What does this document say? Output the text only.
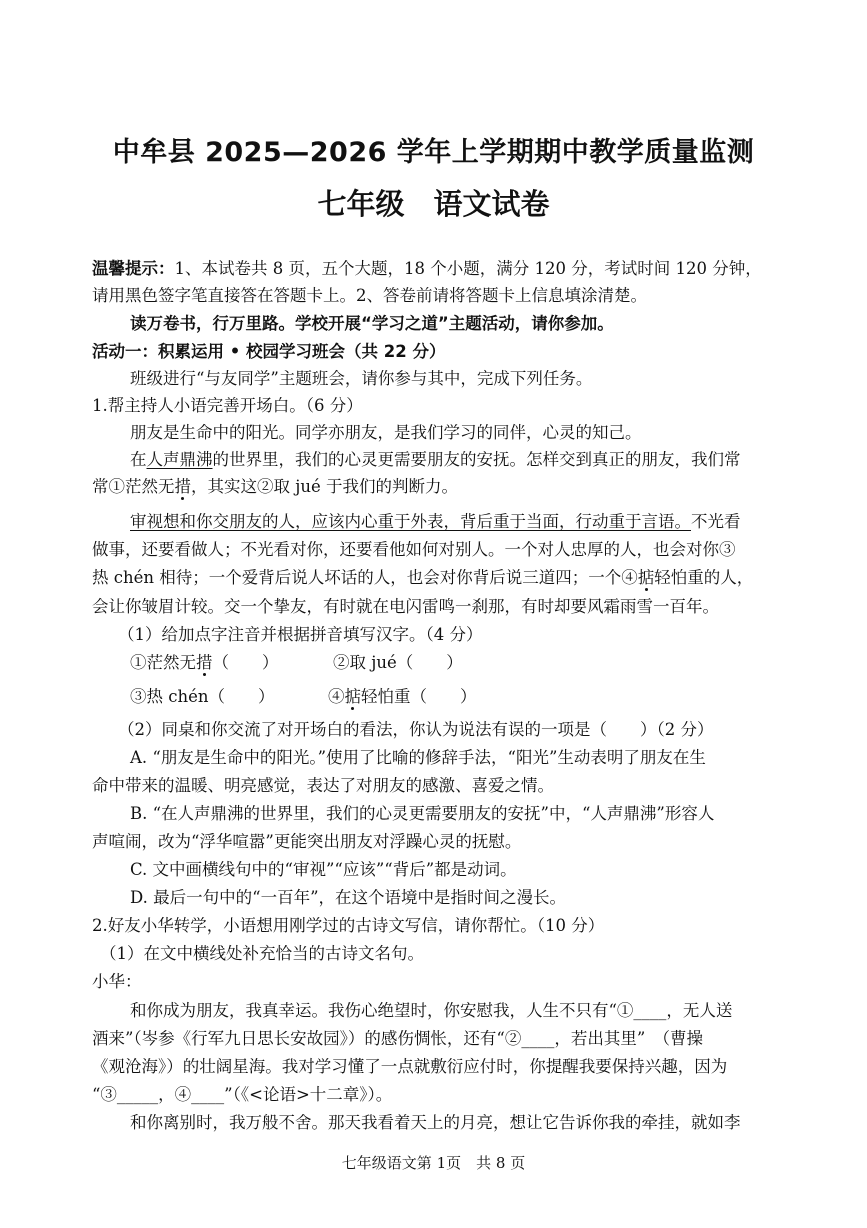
中牟县 2025—2026 学年上学期期中教学质量监测
七年级　语文试卷
温馨提示：1、本试卷共 8 页，五个大题，18 个小题，满分 120 分，考试时间 120 分钟，
请用黑色签字笔直接答在答题卡上。2、答卷前请将答题卡上信息填涂清楚。
读万卷书，行万里路。学校开展“学习之道”主题活动，请你参加。
活动一：积累运用 • 校园学习班会（共 22 分）
班级进行“与友同学”主题班会，请你参与其中，完成下列任务。
1.帮主持人小语完善开场白。（6 分）
朋友是生命中的阳光。同学亦朋友，是我们学习的同伴，心灵的知己。
在人声鼎沸的世界里，我们的心灵更需要朋友的安抚。怎样交到真正的朋友，我们常
常①茫然无措，其实这②取 jué 于我们的判断力。
审视想和你交朋友的人，应该内心重于外表，背后重于当面，行动重于言语。不光看
做事，还要看做人；不光看对你，还要看他如何对别人。一个对人忠厚的人，也会对你③
热 chén 相待；一个爱背后说人坏话的人，也会对你背后说三道四；一个④掂轻怕重的人，
会让你皱眉计较。交一个挚友，有时就在电闪雷鸣一刹那，有时却要风霜雨雪一百年。
（1）给加点字注音并根据拼音填写汉字。（4 分）
①茫然无措（　　）	②取 jué（　　）
③热 chén（　　）	④掂轻怕重（　　）
（2）同桌和你交流了对开场白的看法，你认为说法有误的一项是（　　）（2 分）
A. “朋友是生命中的阳光。”使用了比喻的修辞手法，“阳光”生动表明了朋友在生
命中带来的温暖、明亮感觉，表达了对朋友的感激、喜爱之情。
B. “在人声鼎沸的世界里，我们的心灵更需要朋友的安抚”中，“人声鼎沸”形容人
声喧闹，改为“浮华喧嚣”更能突出朋友对浮躁心灵的抚慰。
C. 文中画横线句中的“审视”“应该”“背后”都是动词。
D. 最后一句中的“一百年”，在这个语境中是指时间之漫长。
2.好友小华转学，小语想用刚学过的古诗文写信，请你帮忙。（10 分）
（1）在文中横线处补充恰当的古诗文名句。
小华：
和你成为朋友，我真幸运。我伤心绝望时，你安慰我，人生不只有“①____，无人送
酒来”（岑参《行军九日思长安故园》）的感伤惆怅，还有“②____，若出其里”　（曹操
《观沧海》）的壮阔星海。我对学习懂了一点就敷衍应付时，你提醒我要保持兴趣，因为
“③_____，④____”（《<论语>十二章》）。
和你离别时，我万般不舍。那天我看着天上的月亮，想让它告诉你我的牵挂，就如李
七年级语文第 1页　共 8 页
